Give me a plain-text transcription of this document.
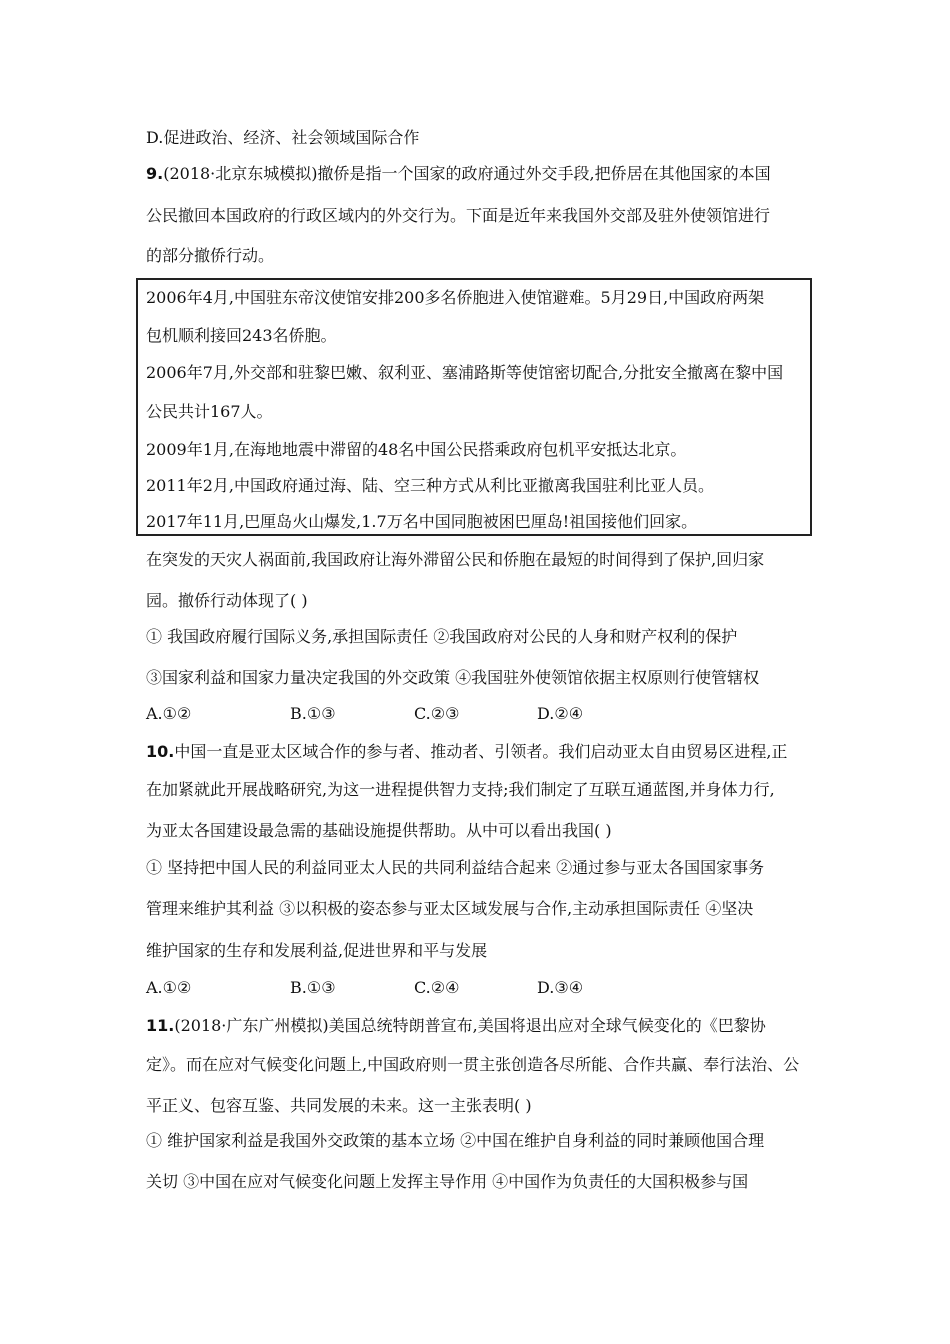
D.促进政治、经济、社会领域国际合作
9.(2018·北京东城模拟)撤侨是指一个国家的政府通过外交手段,把侨居在其他国家的本国
公民撤回本国政府的行政区域内的外交行为。下面是近年来我国外交部及驻外使领馆进行
的部分撤侨行动。
2006年4月,中国驻东帝汶使馆安排200多名侨胞进入使馆避难。5月29日,中国政府两架
包机顺利接回243名侨胞。
2006年7月,外交部和驻黎巴嫩、叙利亚、塞浦路斯等使馆密切配合,分批安全撤离在黎中国
公民共计167人。
2009年1月,在海地地震中滞留的48名中国公民搭乘政府包机平安抵达北京。
2011年2月,中国政府通过海、陆、空三种方式从利比亚撤离我国驻利比亚人员。
2017年11月,巴厘岛火山爆发,1.7万名中国同胞被困巴厘岛!祖国接他们回家。
在突发的天灾人祸面前,我国政府让海外滞留公民和侨胞在最短的时间得到了保护,回归家
园。撤侨行动体现了( )
① 我国政府履行国际义务,承担国际责任 ②我国政府对公民的人身和财产权利的保护
③国家利益和国家力量决定我国的外交政策 ④我国驻外使领馆依据主权原则行使管辖权
A.①②	B.①③	C.②③	D.②④
10.中国一直是亚太区域合作的参与者、推动者、引领者。我们启动亚太自由贸易区进程,正
在加紧就此开展战略研究,为这一进程提供智力支持;我们制定了互联互通蓝图,并身体力行,
为亚太各国建设最急需的基础设施提供帮助。从中可以看出我国( )
① 坚持把中国人民的利益同亚太人民的共同利益结合起来 ②通过参与亚太各国国家事务
管理来维护其利益 ③以积极的姿态参与亚太区域发展与合作,主动承担国际责任 ④坚决
维护国家的生存和发展利益,促进世界和平与发展
A.①②	B.①③	C.②④	D.③④
11.(2018·广东广州模拟)美国总统特朗普宣布,美国将退出应对全球气候变化的《巴黎协
定》。而在应对气候变化问题上,中国政府则一贯主张创造各尽所能、合作共赢、奉行法治、公
平正义、包容互鉴、共同发展的未来。这一主张表明( )
① 维护国家利益是我国外交政策的基本立场 ②中国在维护自身利益的同时兼顾他国合理
关切 ③中国在应对气候变化问题上发挥主导作用 ④中国作为负责任的大国积极参与国
